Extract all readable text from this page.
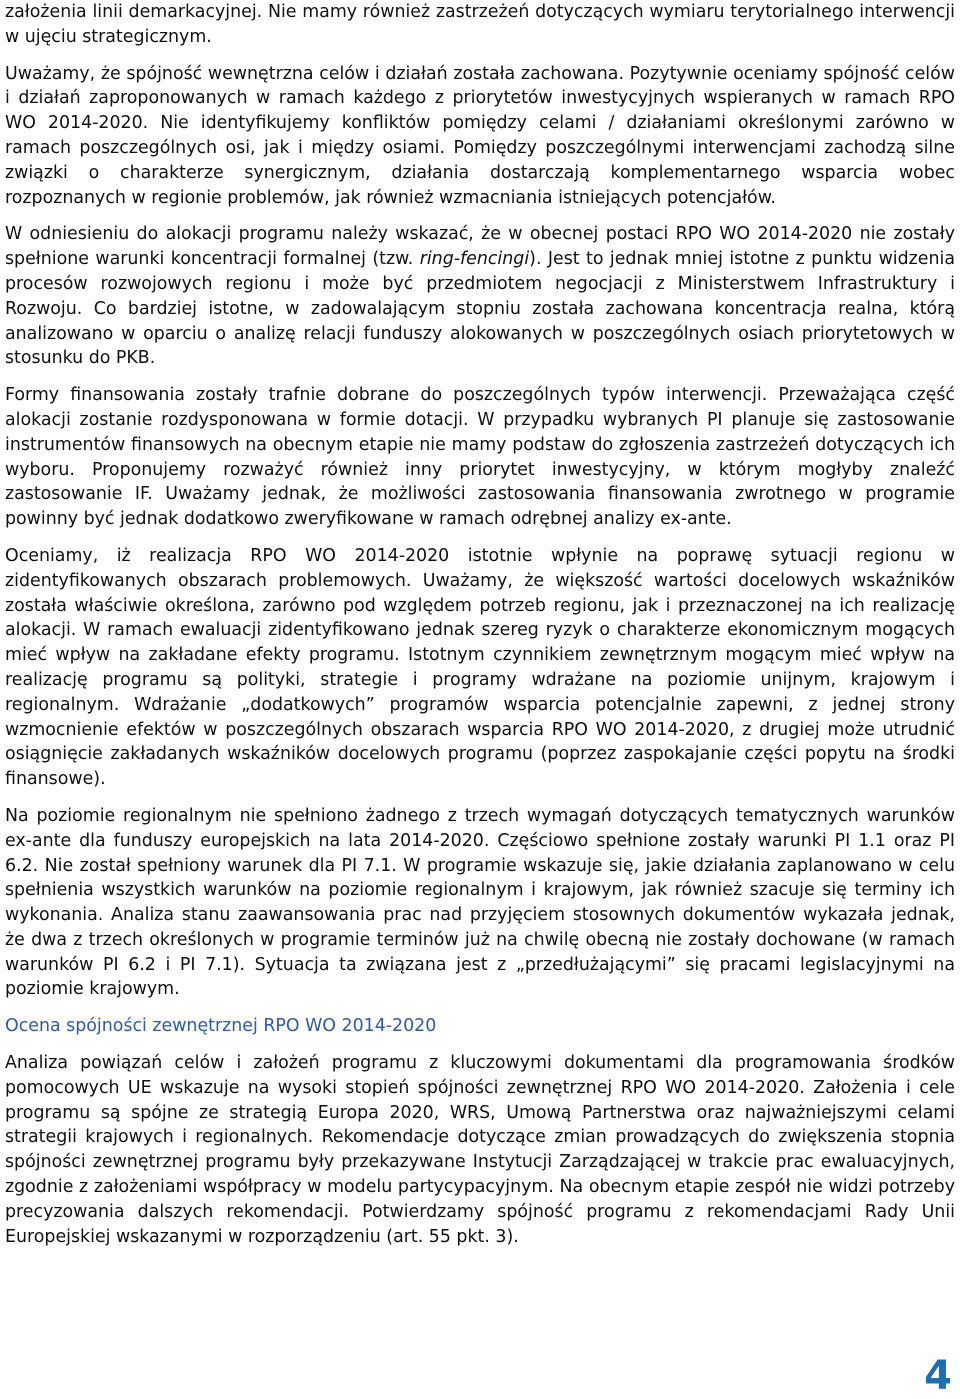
założenia linii demarkacyjnej. Nie mamy również zastrzeżeń dotyczących wymiaru terytorialnego interwencji w ujęciu strategicznym.

Uważamy, że spójność wewnętrzna celów i działań została zachowana. Pozytywnie oceniamy spójność celów i działań zaproponowanych w ramach każdego z priorytetów inwestycyjnych wspieranych w ramach RPO WO 2014-2020. Nie identyfikujemy konfliktów pomiędzy celami / działaniami określonymi zarówno w ramach poszczególnych osi, jak i między osiami. Pomiędzy poszczególnymi interwencjami zachodzą silne związki o charakterze synergicznym, działania dostarczają komplementarnego wsparcia wobec rozpoznanych w regionie problemów, jak również wzmacniania istniejących potencjałów.

W odniesieniu do alokacji programu należy wskazać, że w obecnej postaci RPO WO 2014-2020 nie zostały spełnione warunki koncentracji formalnej (tzw. ring-fencingi). Jest to jednak mniej istotne z punktu widzenia procesów rozwojowych regionu i może być przedmiotem negocjacji z Ministerstwem Infrastruktury i Rozwoju. Co bardziej istotne, w zadowalającym stopniu została zachowana koncentracja realna, którą analizowano w oparciu o analizę relacji funduszy alokowanych w poszczególnych osiach priorytetowych w stosunku do PKB.

Formy finansowania zostały trafnie dobrane do poszczególnych typów interwencji. Przeważająca część alokacji zostanie rozdysponowana w formie dotacji. W przypadku wybranych PI planuje się zastosowanie instrumentów finansowych na obecnym etapie nie mamy podstaw do zgłoszenia zastrzeżeń dotyczących ich wyboru. Proponujemy rozważyć również inny priorytet inwestycyjny, w którym mogłyby znaleźć zastosowanie IF. Uważamy jednak, że możliwości zastosowania finansowania zwrotnego w programie powinny być jednak dodatkowo zweryfikowane w ramach odrębnej analizy ex-ante.

Oceniamy, iż realizacja RPO WO 2014-2020 istotnie wpłynie na poprawę sytuacji regionu w zidentyfikowanych obszarach problemowych. Uważamy, że większość wartości docelowych wskaźników została właściwie określona, zarówno pod względem potrzeb regionu, jak i przeznaczonej na ich realizację alokacji. W ramach ewaluacji zidentyfikowano jednak szereg ryzyk o charakterze ekonomicznym mogących mieć wpływ na zakładane efekty programu. Istotnym czynnikiem zewnętrznym mogącym mieć wpływ na realizację programu są polityki, strategie i programy wdrażane na poziomie unijnym, krajowym i regionalnym. Wdrażanie „dodatkowych” programów wsparcia potencjalnie zapewni, z jednej strony wzmocnienie efektów w poszczególnych obszarach wsparcia RPO WO 2014-2020, z drugiej może utrudnić osiągnięcie zakładanych wskaźników docelowych programu (poprzez zaspokajanie części popytu na środki finansowe).

Na poziomie regionalnym nie spełniono żadnego z trzech wymagań dotyczących tematycznych warunków ex-ante dla funduszy europejskich na lata 2014-2020. Częściowo spełnione zostały warunki PI 1.1 oraz PI 6.2. Nie został spełniony warunek dla PI 7.1. W programie wskazuje się, jakie działania zaplanowano w celu spełnienia wszystkich warunków na poziomie regionalnym i krajowym, jak również szacuje się terminy ich wykonania. Analiza stanu zaawansowania prac nad przyjęciem stosownych dokumentów wykazała jednak, że dwa z trzech określonych w programie terminów już na chwilę obecną nie zostały dochowane (w ramach warunków PI 6.2 i PI 7.1). Sytuacja ta związana jest z „przedłużającymi” się pracami legislacyjnymi na poziomie krajowym.

Ocena spójności zewnętrznej RPO WO 2014-2020

Analiza powiązań celów i założeń programu z kluczowymi dokumentami dla programowania środków pomocowych UE wskazuje na wysoki stopień spójności zewnętrznej RPO WO 2014-2020. Założenia i cele programu są spójne ze strategią Europa 2020, WRS, Umową Partnerstwa oraz najważniejszymi celami strategii krajowych i regionalnych. Rekomendacje dotyczące zmian prowadzących do zwiększenia stopnia spójności zewnętrznej programu były przekazywane Instytucji Zarządzającej w trakcie prac ewaluacyjnych, zgodnie z założeniami współpracy w modelu partycypacyjnym. Na obecnym etapie zespół nie widzi potrzeby precyzowania dalszych rekomendacji. Potwierdzamy spójność programu z rekomendacjami Rady Unii Europejskiej wskazanymi w rozporządzeniu (art. 55 pkt. 3).

4
